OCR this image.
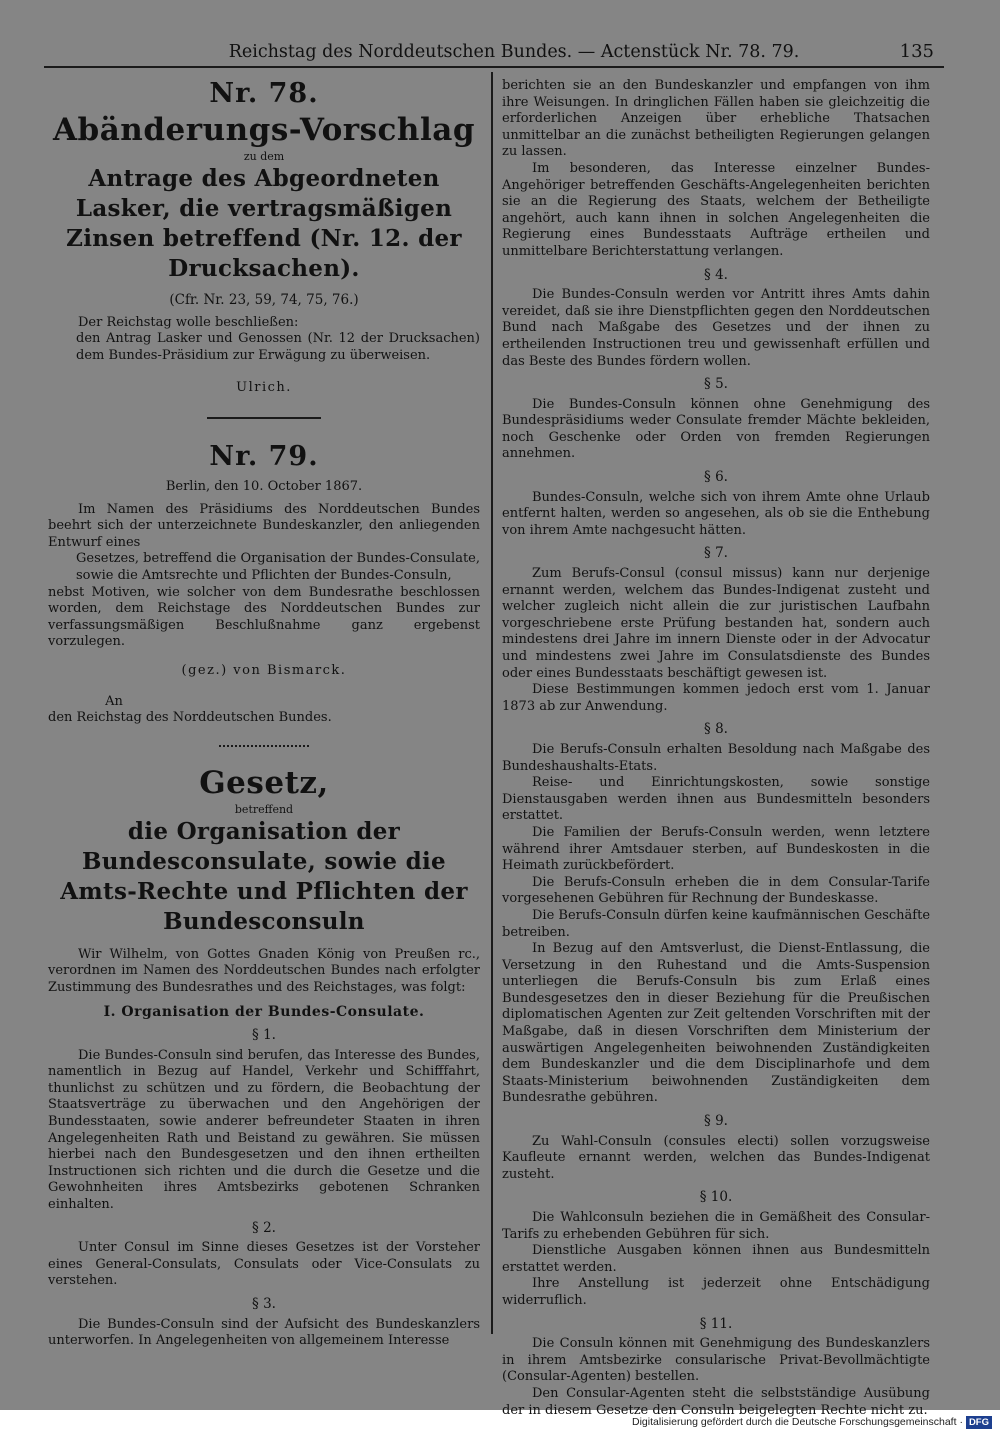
Reichstag des Norddeutschen Bundes. — Actenstück Nr. 78. 79.	135
Nr. 78.
Abänderungs-Vorschlag
zu dem
Antrage des Abgeordneten Lasker, die vertragsmäßigen Zinsen betreffend (Nr. 12. der Drucksachen).
(Cfr. Nr. 23, 59, 74, 75, 76.)

Der Reichstag wolle beschließen:

den Antrag Lasker und Genossen (Nr. 12 der Drucksachen) dem Bundes-Präsidium zur Erwägung zu überweisen.

Ulrich.
Nr. 79.
Berlin, den 10. October 1867.

Im Namen des Präsidiums des Norddeutschen Bundes beehrt sich der unterzeichnete Bundeskanzler, den anliegenden Entwurf eines

Gesetzes, betreffend die Organisation der Bundes-Consulate, sowie die Amtsrechte und Pflichten der Bundes-Consuln,

nebst Motiven, wie solcher von dem Bundesrathe beschlossen worden, dem Reichstage des Norddeutschen Bundes zur verfassungsmäßigen Beschlußnahme ganz ergebenst vorzulegen.

(gez.) von Bismarck.
An

den Reichstag des Norddeutschen Bundes.

Gesetz,
betreffend
die Organisation der Bundesconsulate, sowie die Amts-Rechte und Pflichten der Bundesconsuln

Wir Wilhelm, von Gottes Gnaden König von Preußen rc., verordnen im Namen des Norddeutschen Bundes nach erfolgter Zustimmung des Bundesrathes und des Reichstages, was folgt:

I. Organisation der Bundes-Consulate.
§ 1.

Die Bundes-Consuln sind berufen, das Interesse des Bundes, namentlich in Bezug auf Handel, Verkehr und Schifffahrt, thunlichst zu schützen und zu fördern, die Beobachtung der Staatsverträge zu überwachen und den Angehörigen der Bundesstaaten, sowie anderer befreundeter Staaten in ihren Angelegenheiten Rath und Beistand zu gewähren. Sie müssen hierbei nach den Bundesgesetzen und den ihnen ertheilten Instructionen sich richten und die durch die Gesetze und die Gewohnheiten ihres Amtsbezirks gebotenen Schranken einhalten.

§ 2.

Unter Consul im Sinne dieses Gesetzes ist der Vorsteher eines General-Consulats, Consulats oder Vice-Consulats zu verstehen.

§ 3.

Die Bundes-Consuln sind der Aufsicht des Bundeskanzlers unterworfen. In Angelegenheiten von allgemeinem Interesse

berichten sie an den Bundeskanzler und empfangen von ihm ihre Weisungen. In dringlichen Fällen haben sie gleichzeitig die erforderlichen Anzeigen über erhebliche Thatsachen unmittelbar an die zunächst betheiligten Regierungen gelangen zu lassen.

Im besonderen, das Interesse einzelner Bundes-Angehöriger betreffenden Geschäfts-Angelegenheiten berichten sie an die Regierung des Staats, welchem der Betheiligte angehört, auch kann ihnen in solchen Angelegenheiten die Regierung eines Bundesstaats Aufträge ertheilen und unmittelbare Berichterstattung verlangen.

§ 4.

Die Bundes-Consuln werden vor Antritt ihres Amts dahin vereidet, daß sie ihre Dienstpflichten gegen den Norddeutschen Bund nach Maßgabe des Gesetzes und der ihnen zu ertheilenden Instructionen treu und gewissenhaft erfüllen und das Beste des Bundes fördern wollen.

§ 5.

Die Bundes-Consuln können ohne Genehmigung des Bundespräsidiums weder Consulate fremder Mächte bekleiden, noch Geschenke oder Orden von fremden Regierungen annehmen.

§ 6.

Bundes-Consuln, welche sich von ihrem Amte ohne Urlaub entfernt halten, werden so angesehen, als ob sie die Enthebung von ihrem Amte nachgesucht hätten.

§ 7.

Zum Berufs-Consul (consul missus) kann nur derjenige ernannt werden, welchem das Bundes-Indigenat zusteht und welcher zugleich nicht allein die zur juristischen Laufbahn vorgeschriebene erste Prüfung bestanden hat, sondern auch mindestens drei Jahre im innern Dienste oder in der Advocatur und mindestens zwei Jahre im Consulatsdienste des Bundes oder eines Bundesstaats beschäftigt gewesen ist.

Diese Bestimmungen kommen jedoch erst vom 1. Januar 1873 ab zur Anwendung.

§ 8.

Die Berufs-Consuln erhalten Besoldung nach Maßgabe des Bundeshaushalts-Etats.

Reise- und Einrichtungskosten, sowie sonstige Dienstausgaben werden ihnen aus Bundesmitteln besonders erstattet.

Die Familien der Berufs-Consuln werden, wenn letztere während ihrer Amtsdauer sterben, auf Bundeskosten in die Heimath zurückbefördert.

Die Berufs-Consuln erheben die in dem Consular-Tarife vorgesehenen Gebühren für Rechnung der Bundeskasse.

Die Berufs-Consuln dürfen keine kaufmännischen Geschäfte betreiben.

In Bezug auf den Amtsverlust, die Dienst-Entlassung, die Versetzung in den Ruhestand und die Amts-Suspension unterliegen die Berufs-Consuln bis zum Erlaß eines Bundesgesetzes den in dieser Beziehung für die Preußischen diplomatischen Agenten zur Zeit geltenden Vorschriften mit der Maßgabe, daß in diesen Vorschriften dem Ministerium der auswärtigen Angelegenheiten beiwohnenden Zuständigkeiten dem Bundeskanzler und die dem Disciplinarhofe und dem Staats-Ministerium beiwohnenden Zuständigkeiten dem Bundesrathe gebühren.

§ 9.

Zu Wahl-Consuln (consules electi) sollen vorzugsweise Kaufleute ernannt werden, welchen das Bundes-Indigenat zusteht.

§ 10.

Die Wahlconsuln beziehen die in Gemäßheit des Consular-Tarifs zu erhebenden Gebühren für sich.

Dienstliche Ausgaben können ihnen aus Bundesmitteln erstattet werden.

Ihre Anstellung ist jederzeit ohne Entschädigung widerruflich.

§ 11.

Die Consuln können mit Genehmigung des Bundeskanzlers in ihrem Amtsbezirke consularische Privat-Bevollmächtigte (Consular-Agenten) bestellen.

Den Consular-Agenten steht die selbstständige Ausübung der in diesem Gesetze den Consuln beigelegten Rechte nicht zu.

Digitalisierung gefördert durch die Deutsche Forschungsgemeinschaft · DFG
